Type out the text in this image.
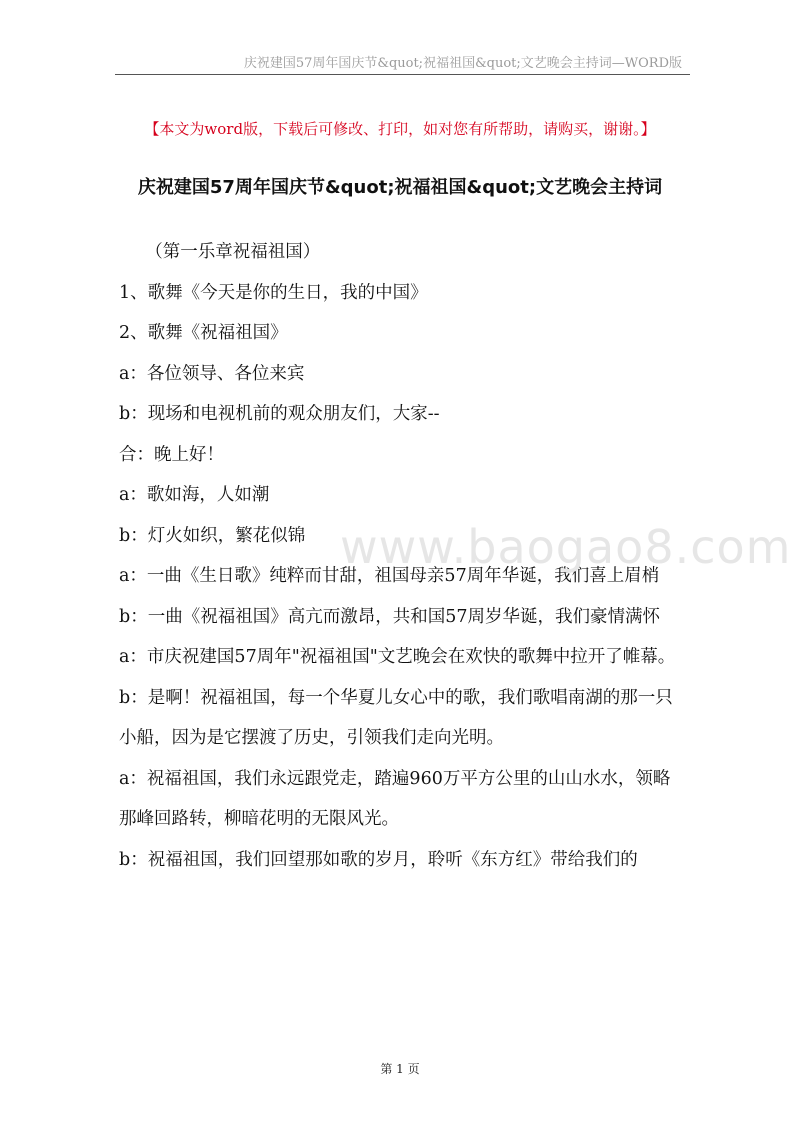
庆祝建国57周年国庆节&quot;祝福祖国&quot;文艺晚会主持词—WORD版
【本文为word版，下载后可修改、打印，如对您有所帮助，请购买，谢谢。】
庆祝建国57周年国庆节&quot;祝福祖国&quot;文艺晚会主持词

　　（第一乐章祝福祖国）

1、歌舞《今天是你的生日，我的中国》

2、歌舞《祝福祖国》

a：各位领导、各位来宾

b：现场和电视机前的观众朋友们，大家--

合：晚上好！

a：歌如海，人如潮

b：灯火如织，繁花似锦

a：一曲《生日歌》纯粹而甘甜，祖国母亲57周年华诞，我们喜上眉梢

b：一曲《祝福祖国》高亢而激昂，共和国57周岁华诞，我们豪情满怀

a：市庆祝建国57周年"祝福祖国"文艺晚会在欢快的歌舞中拉开了帷幕。

b：是啊！祝福祖国，每一个华夏儿女心中的歌，我们歌唱南湖的那一只小船，因为是它摆渡了历史，引领我们走向光明。

a：祝福祖国，我们永远跟党走，踏遍960万平方公里的山山水水，领略那峰回路转，柳暗花明的无限风光。

b：祝福祖国，我们回望那如歌的岁月，聆听《东方红》带给我们的

www.baogao8.com
第 1 页
